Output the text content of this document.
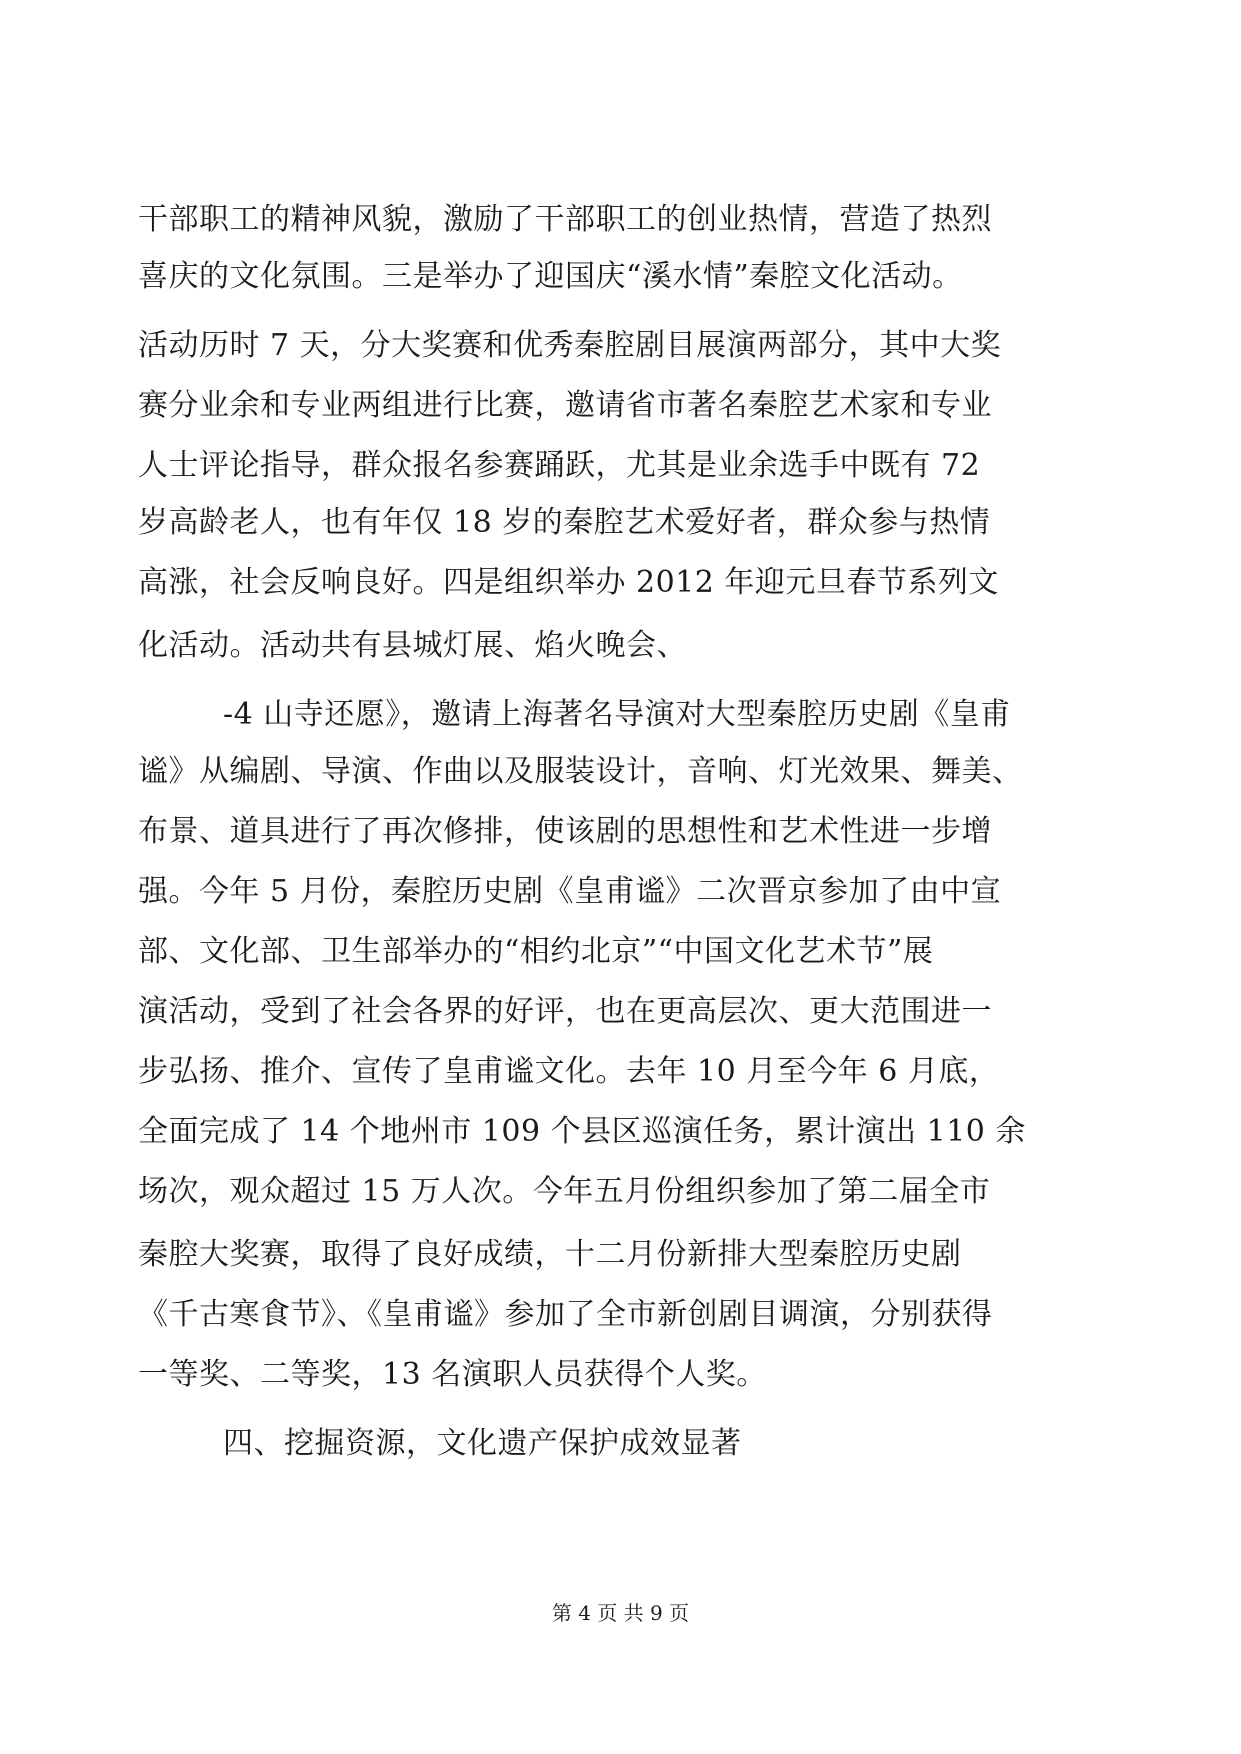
干部职工的精神风貌，激励了干部职工的创业热情，营造了热烈
喜庆的文化氛围。三是举办了迎国庆“溪水情”秦腔文化活动。
活动历时 7 天，分大奖赛和优秀秦腔剧目展演两部分，其中大奖
赛分业余和专业两组进行比赛，邀请省市著名秦腔艺术家和专业
人士评论指导，群众报名参赛踊跃，尤其是业余选手中既有 72
岁高龄老人，也有年仅 18 岁的秦腔艺术爱好者，群众参与热情
高涨，社会反响良好。四是组织举办 2012 年迎元旦春节系列文
化活动。活动共有县城灯展、焰火晚会、
-4 山寺还愿》，邀请上海著名导演对大型秦腔历史剧《皇甫
谧》从编剧、导演、作曲以及服装设计，音响、灯光效果、舞美、
布景、道具进行了再次修排，使该剧的思想性和艺术性进一步增
强。今年 5 月份，秦腔历史剧《皇甫谧》二次晋京参加了由中宣
部、文化部、卫生部举办的“相约北京”“中国文化艺术节”展
演活动，受到了社会各界的好评，也在更高层次、更大范围进一
步弘扬、推介、宣传了皇甫谧文化。去年 10 月至今年 6 月底，
全面完成了 14 个地州市 109 个县区巡演任务，累计演出 110 余
场次，观众超过 15 万人次。今年五月份组织参加了第二届全市
秦腔大奖赛，取得了良好成绩，十二月份新排大型秦腔历史剧
《千古寒食节》、《皇甫谧》参加了全市新创剧目调演，分别获得
一等奖、二等奖，13 名演职人员获得个人奖。
四、挖掘资源，文化遗产保护成效显著
第 4 页 共 9 页
